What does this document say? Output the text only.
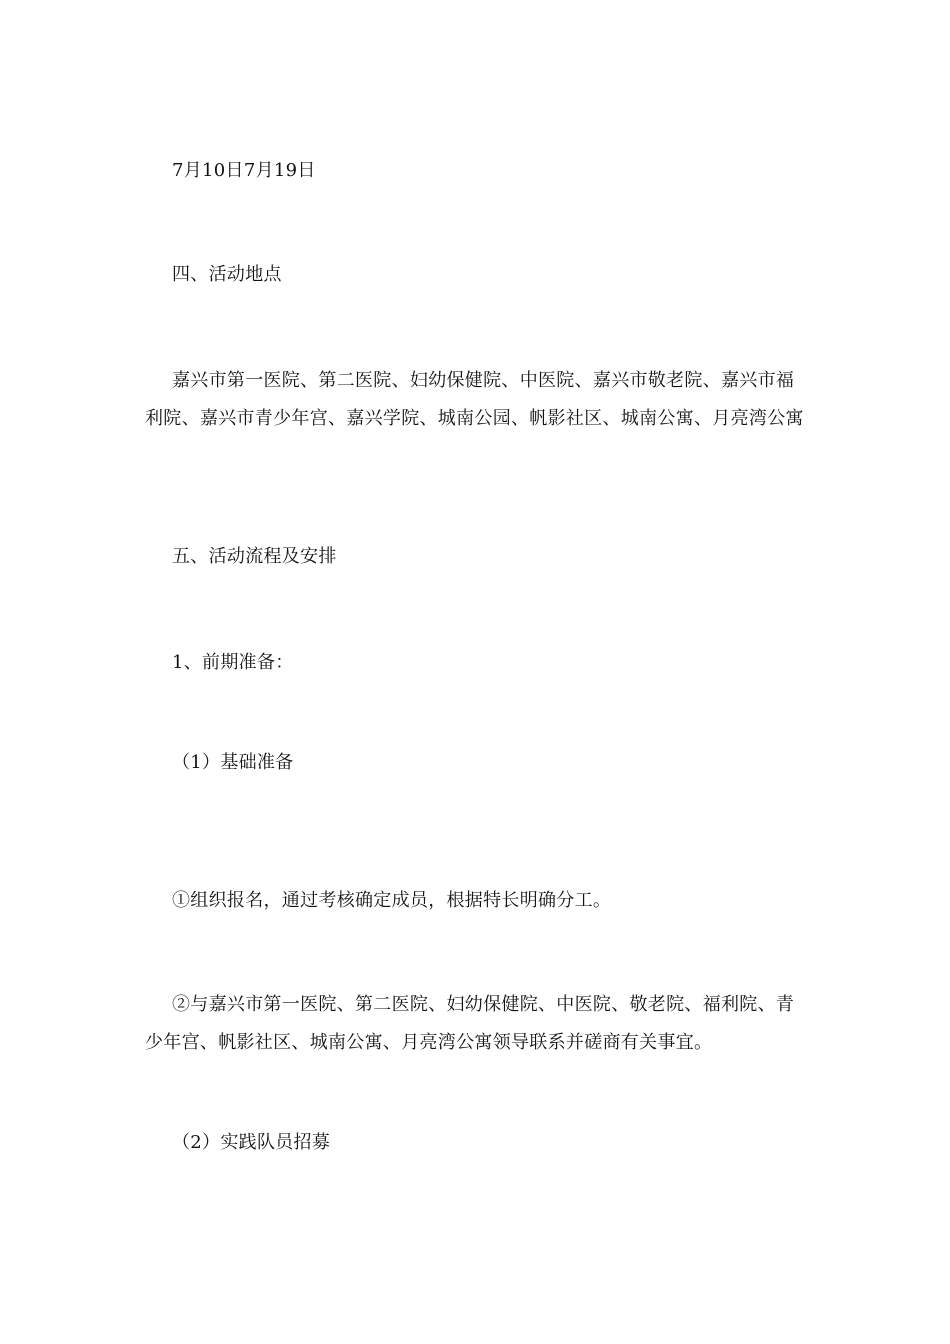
7月10日7月19日

四、活动地点

嘉兴市第一医院、第二医院、妇幼保健院、中医院、嘉兴市敬老院、嘉兴市福利院、嘉兴市青少年宫、嘉兴学院、城南公园、帆影社区、城南公寓、月亮湾公寓

五、活动流程及安排

1、前期准备：

（1）基础准备

①组织报名，通过考核确定成员，根据特长明确分工。

②与嘉兴市第一医院、第二医院、妇幼保健院、中医院、敬老院、福利院、青少年宫、帆影社区、城南公寓、月亮湾公寓领导联系并磋商有关事宜。

（2）实践队员招募
